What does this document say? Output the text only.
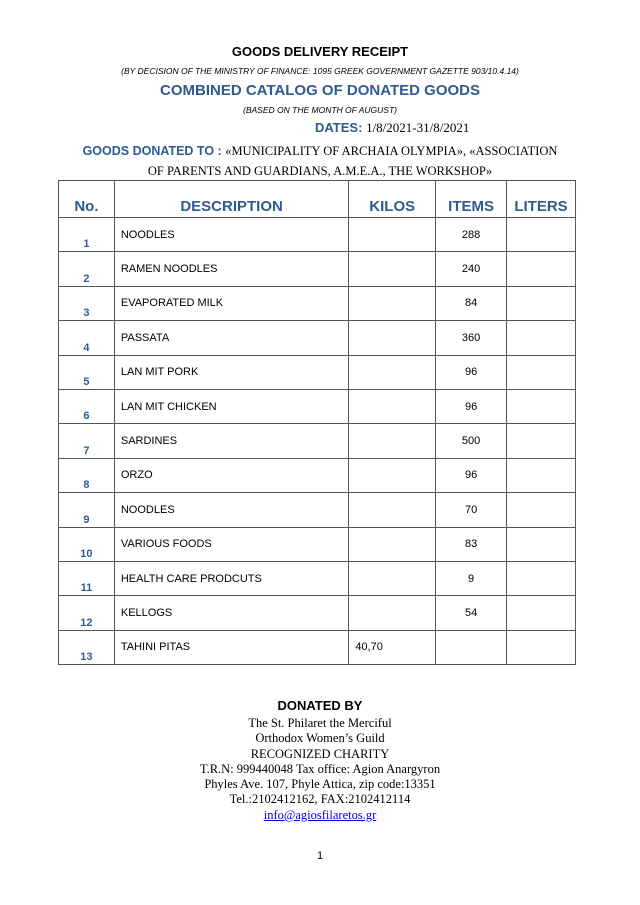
GOODS DELIVERY RECEIPT
(BY DECISION OF THE MINISTRY OF FINANCE: 1095 GREEK GOVERNMENT GAZETTE 903/10.4.14)
COMBINED CATALOG OF DONATED GOODS
(BASED ON THE MONTH OF AUGUST)
DATES: 1/8/2021-31/8/2021
GOODS DONATED TO : «MUNICIPALITY OF ARCHAIA OLYMPIA», «ASSOCIATION
OF PARENTS AND GUARDIANS, A.M.E.A., THE WORKSHOP»
No.	DESCRIPTION	KILOS	ITEMS	LITERS
1	NOODLES		288	
2	RAMEN NOODLES		240	
3	EVAPORATED MILK		84	
4	PASSATA		360	
5	LAN MIT PORK		96	
6	LAN MIT CHICKEN		96	
7	SARDINES		500	
8	ORZO		96	
9	NOODLES		70	
10	VARIOUS FOODS		83	
11	HEALTH CARE PRODCUTS		9	
12	KELLOGS		54	
13	TAHINI PITAS	40,70		
DONATED BY
The St. Philaret the Merciful
Orthodox Women’s Guild
RECOGNIZED CHARITY
T.R.N: 999440048 Tax office: Agion Anargyron
Phyles Ave. 107, Phyle Attica, zip code:13351
Tel.:2102412162, FAX:2102412114
info@agiosfilaretos.gr
1
